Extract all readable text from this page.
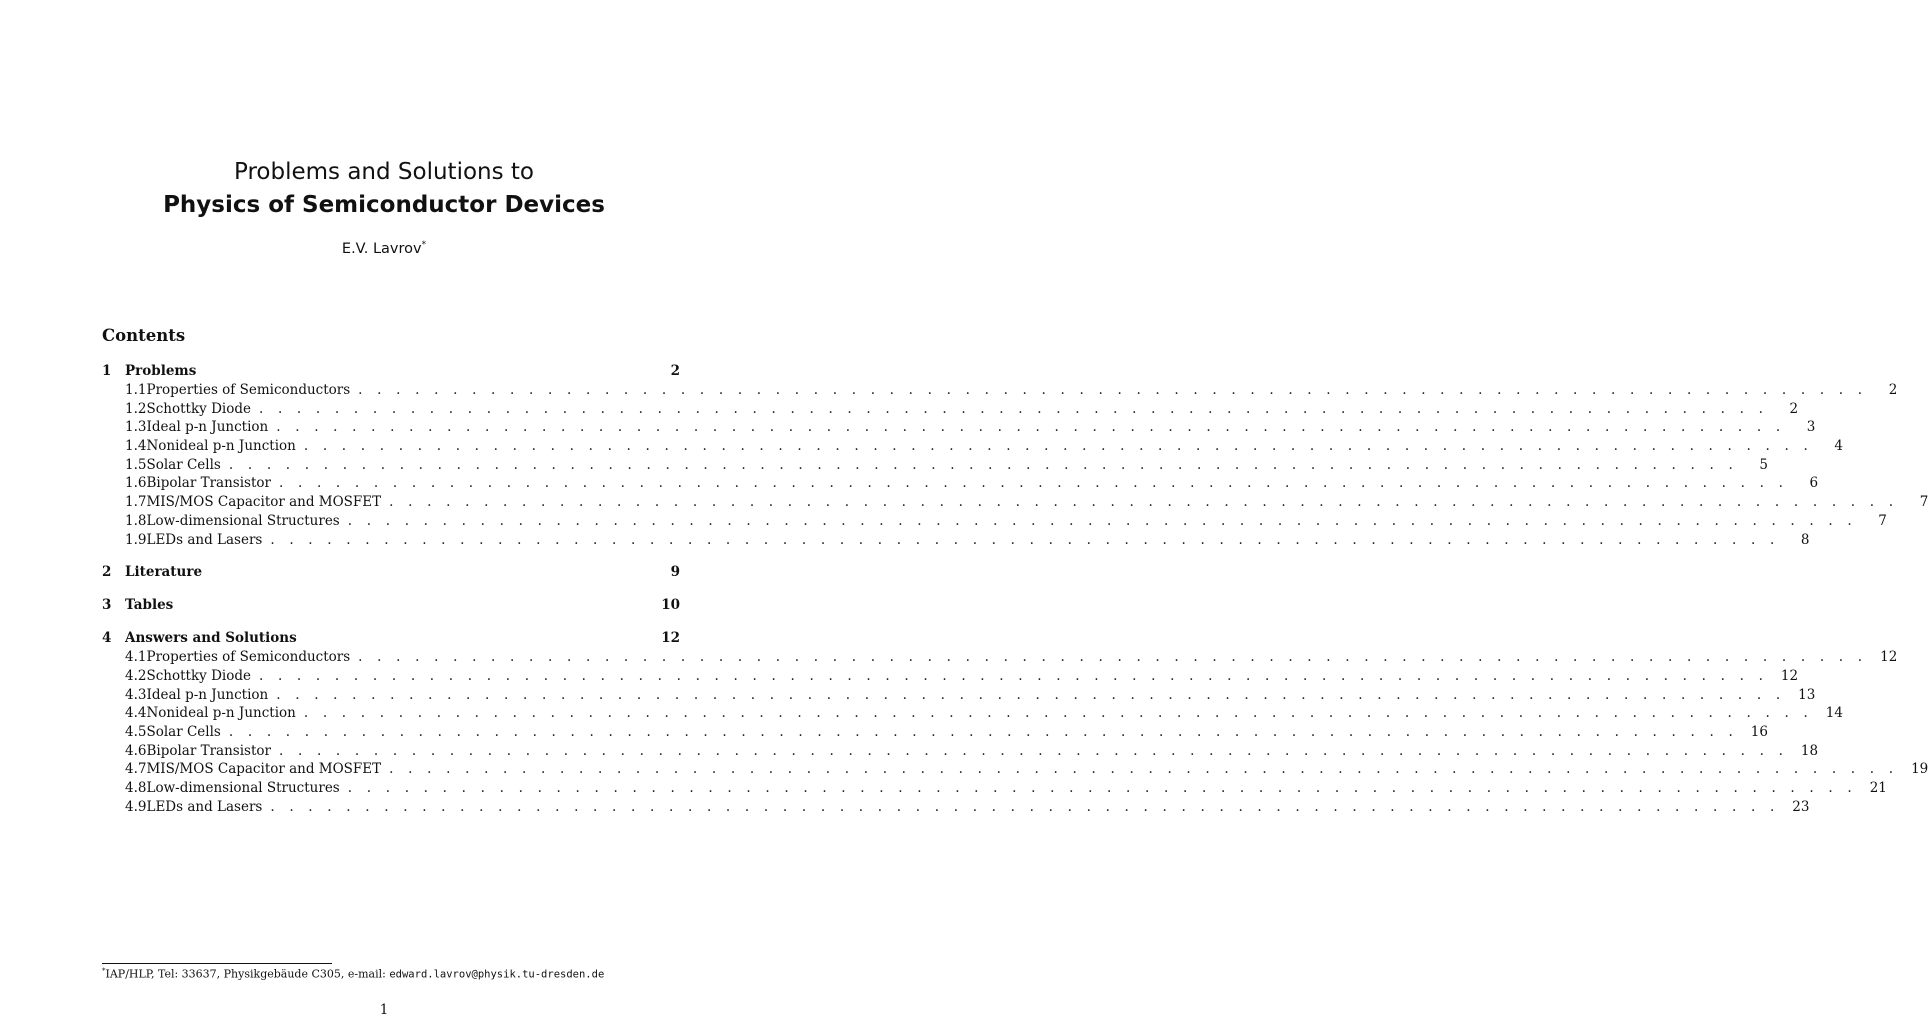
Problems and Solutions to
Physics of Semiconductor Devices
E.V. Lavrov*
Contents
1	Problems	2
1.1 Properties of Semiconductors . . . . . . . . . . . . . . . . . . . . . . . . . . . . . . . . . . . . . . . . . . . . . . . . . . . . . . . . . . . . . . . . . . . . . . . . . . . . . . . .	2
1.2 Schottky Diode . . . . . . . . . . . . . . . . . . . . . . . . . . . . . . . . . . . . . . . . . . . . . . . . . . . . . . . . . . . . . . . . . . . . . . . . . . . . . . . .	2
1.3 Ideal p-n Junction . . . . . . . . . . . . . . . . . . . . . . . . . . . . . . . . . . . . . . . . . . . . . . . . . . . . . . . . . . . . . . . . . . . . . . . . . . . . . . . .	3
1.4 Nonideal p-n Junction . . . . . . . . . . . . . . . . . . . . . . . . . . . . . . . . . . . . . . . . . . . . . . . . . . . . . . . . . . . . . . . . . . . . . . . . . . . . . . . .	4
1.5 Solar Cells . . . . . . . . . . . . . . . . . . . . . . . . . . . . . . . . . . . . . . . . . . . . . . . . . . . . . . . . . . . . . . . . . . . . . . . . . . . . . . . .	5
1.6 Bipolar Transistor . . . . . . . . . . . . . . . . . . . . . . . . . . . . . . . . . . . . . . . . . . . . . . . . . . . . . . . . . . . . . . . . . . . . . . . . . . . . . . . .	6
1.7 MIS/MOS Capacitor and MOSFET . . . . . . . . . . . . . . . . . . . . . . . . . . . . . . . . . . . . . . . . . . . . . . . . . . . . . . . . . . . . . . . . . . . . . . . . . . . . . . . .	7
1.8 Low-dimensional Structures . . . . . . . . . . . . . . . . . . . . . . . . . . . . . . . . . . . . . . . . . . . . . . . . . . . . . . . . . . . . . . . . . . . . . . . . . . . . . . . .	7
1.9 LEDs and Lasers . . . . . . . . . . . . . . . . . . . . . . . . . . . . . . . . . . . . . . . . . . . . . . . . . . . . . . . . . . . . . . . . . . . . . . . . . . . . . . . .	8
2	Literature	9
3	Tables	10
4	Answers and Solutions	12
4.1 Properties of Semiconductors . . . . . . . . . . . . . . . . . . . . . . . . . . . . . . . . . . . . . . . . . . . . . . . . . . . . . . . . . . . . . . . . . . . . . . . . . . . . . . . . 12
4.2 Schottky Diode . . . . . . . . . . . . . . . . . . . . . . . . . . . . . . . . . . . . . . . . . . . . . . . . . . . . . . . . . . . . . . . . . . . . . . . . . . . . . . . . 12
4.3 Ideal p-n Junction . . . . . . . . . . . . . . . . . . . . . . . . . . . . . . . . . . . . . . . . . . . . . . . . . . . . . . . . . . . . . . . . . . . . . . . . . . . . . . . . 13
4.4 Nonideal p-n Junction . . . . . . . . . . . . . . . . . . . . . . . . . . . . . . . . . . . . . . . . . . . . . . . . . . . . . . . . . . . . . . . . . . . . . . . . . . . . . . . . 14
4.5 Solar Cells . . . . . . . . . . . . . . . . . . . . . . . . . . . . . . . . . . . . . . . . . . . . . . . . . . . . . . . . . . . . . . . . . . . . . . . . . . . . . . . . 16
4.6 Bipolar Transistor . . . . . . . . . . . . . . . . . . . . . . . . . . . . . . . . . . . . . . . . . . . . . . . . . . . . . . . . . . . . . . . . . . . . . . . . . . . . . . . . 18
4.7 MIS/MOS Capacitor and MOSFET . . . . . . . . . . . . . . . . . . . . . . . . . . . . . . . . . . . . . . . . . . . . . . . . . . . . . . . . . . . . . . . . . . . . . . . . . . . . . . . . 19
4.8 Low-dimensional Structures . . . . . . . . . . . . . . . . . . . . . . . . . . . . . . . . . . . . . . . . . . . . . . . . . . . . . . . . . . . . . . . . . . . . . . . . . . . . . . . . 21
4.9 LEDs and Lasers . . . . . . . . . . . . . . . . . . . . . . . . . . . . . . . . . . . . . . . . . . . . . . . . . . . . . . . . . . . . . . . . . . . . . . . . . . . . . . . . 23
*IAP/HLP, Tel: 33637, Physikgebäude C305, e-mail: edward.lavrov@physik.tu-dresden.de
1
